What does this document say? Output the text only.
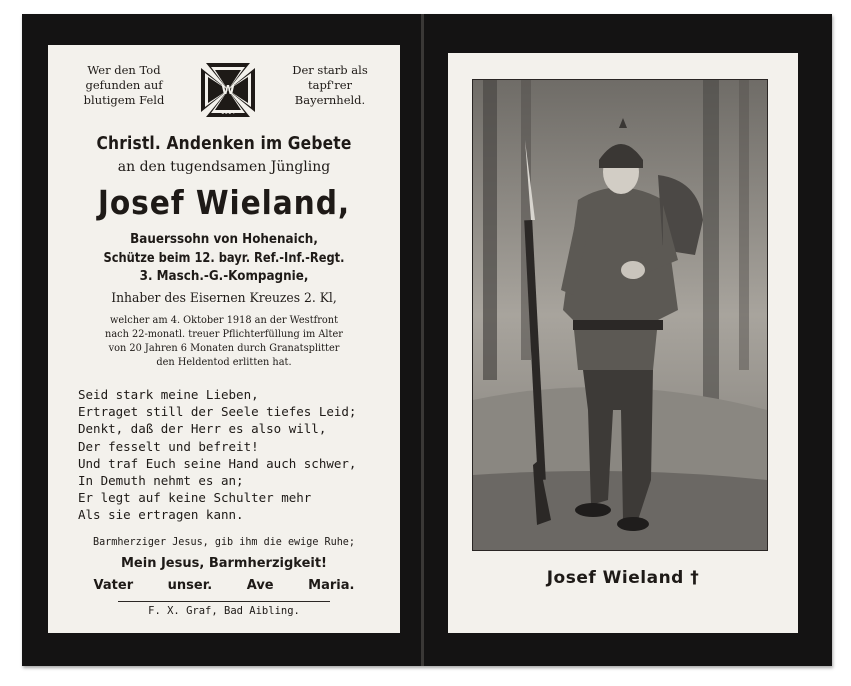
Wer den Tod
gefunden auf
blutigem Feld
W
1914
Der starb als
tapf'rer
Bayernheld.
Christl. Andenken im Gebete
an den tugendsamen Jüngling
Josef Wieland,
Bauerssohn von Hohenaich,
Schütze beim 12. bayr. Ref.-Inf.-Regt.
3. Masch.-G.-Kompagnie,
Inhaber des Eisernen Kreuzes 2. Kl,
welcher am 4. Oktober 1918 an der Westfront
nach 22-monatl. treuer Pflichterfüllung im Alter
von 20 Jahren 6 Monaten durch Granatsplitter
den Heldentod erlitten hat.
Seid stark meine Lieben,
Ertraget still der Seele tiefes Leid;
Denkt, daß der Herr es also will,
Der fesselt und befreit!
Und traf Euch seine Hand auch schwer,
In Demuth nehmt es an;
Er legt auf keine Schulter mehr
Als sie ertragen kann.
Barmherziger Jesus, gib ihm die ewige Ruhe;
Mein Jesus, Barmherzigkeit!
Vater unser. Ave Maria.
F. X. Graf, Bad Aibling.
Josef Wieland †
